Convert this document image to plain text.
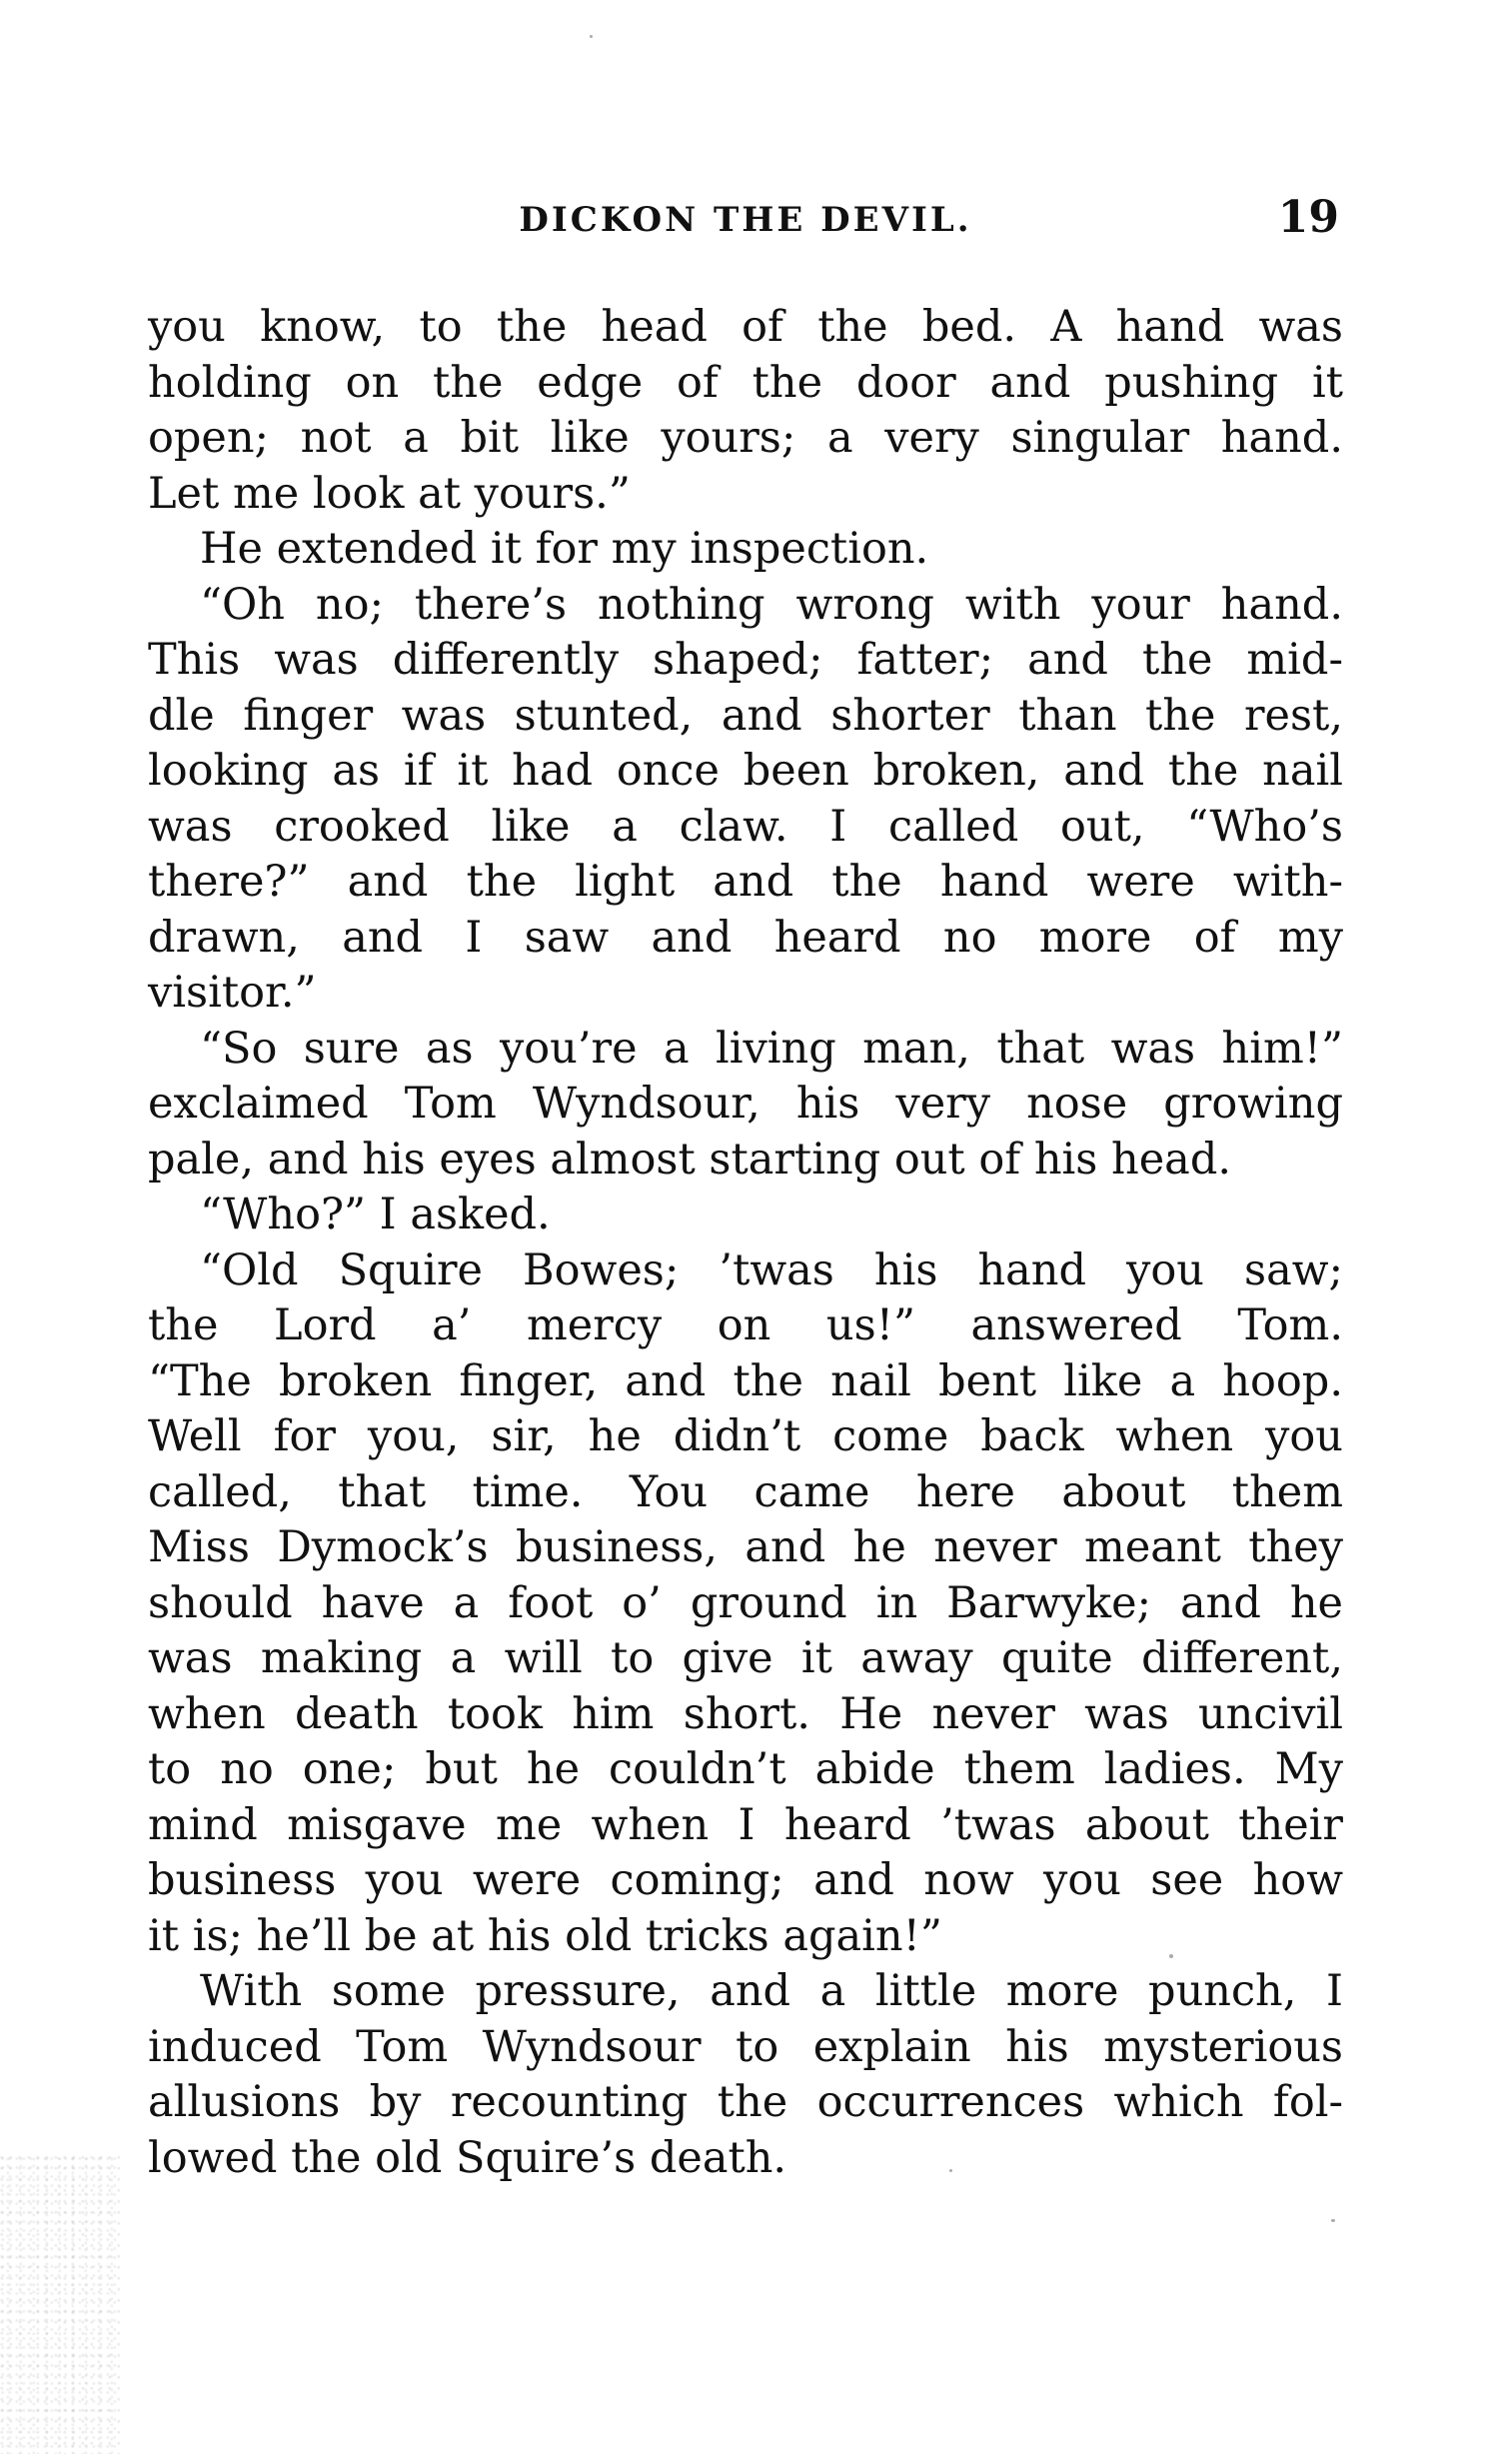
DICKON THE DEVIL.	19
you know, to the head of the bed. A hand was
holding on the edge of the door and pushing it
open; not a bit like yours; a very singular hand.
Let me look at yours.”
He extended it for my inspection.
“Oh no; there’s nothing wrong with your hand.
This was differently shaped; fatter; and the mid-
dle finger was stunted, and shorter than the rest,
looking as if it had once been broken, and the nail
was crooked like a claw. I called out, “Who’s
there?” and the light and the hand were with-
drawn, and I saw and heard no more of my
visitor.”
“So sure as you’re a living man, that was him!”
exclaimed Tom Wyndsour, his very nose growing
pale, and his eyes almost starting out of his head.
“Who?” I asked.
“Old Squire Bowes; ’twas his hand you saw;
the Lord a’ mercy on us!” answered Tom.
“The broken finger, and the nail bent like a hoop.
Well for you, sir, he didn’t come back when you
called, that time. You came here about them
Miss Dymock’s business, and he never meant they
should have a foot o’ ground in Barwyke; and he
was making a will to give it away quite different,
when death took him short. He never was uncivil
to no one; but he couldn’t abide them ladies. My
mind misgave me when I heard ’twas about their
business you were coming; and now you see how
it is; he’ll be at his old tricks again!”
With some pressure, and a little more punch, I
induced Tom Wyndsour to explain his mysterious
allusions by recounting the occurrences which fol-
lowed the old Squire’s death.
